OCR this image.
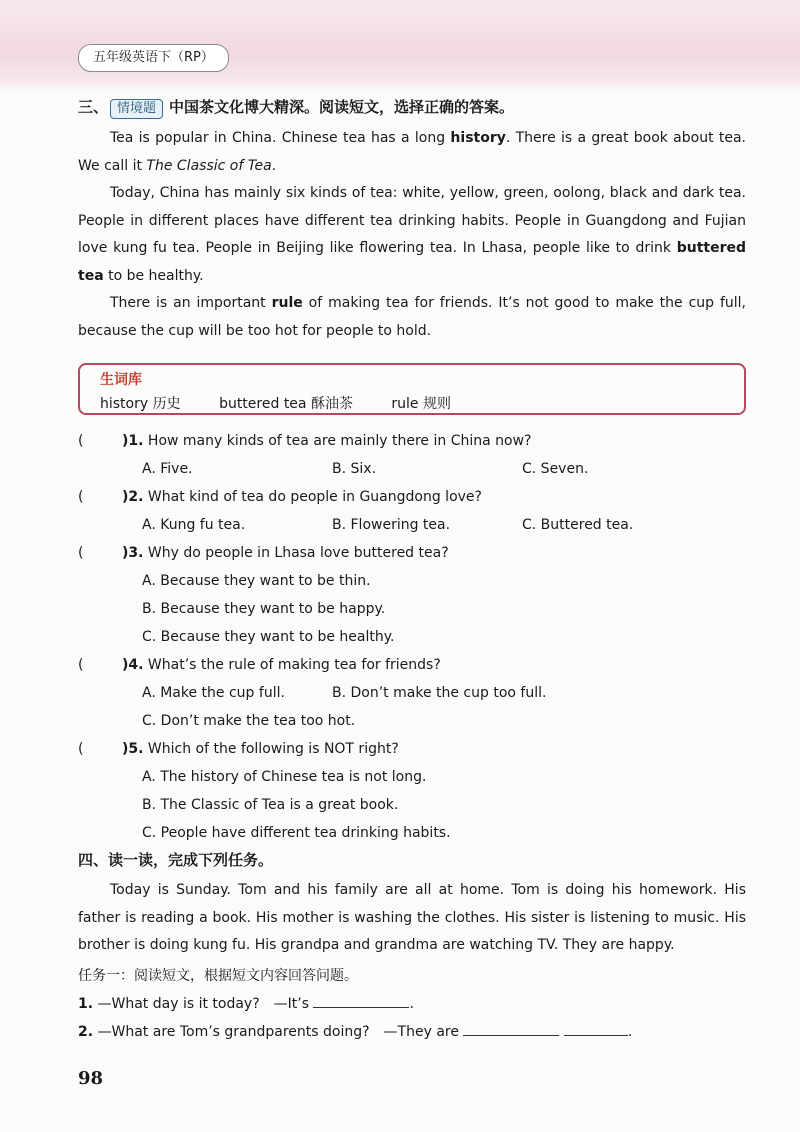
五年级英语下（RP）
三、 情境题 中国茶文化博大精深。阅读短文，选择正确的答案。

Tea is popular in China. Chinese tea has a long history. There is a great book about tea. We call it The Classic of Tea.

Today, China has mainly six kinds of tea: white, yellow, green, oolong, black and dark tea. People in different places have different tea drinking habits. People in Guangdong and Fujian love kung fu tea. People in Beijing like flowering tea. In Lhasa, people like to drink buttered tea to be healthy.

There is an important rule of making tea for friends. It’s not good to make the cup full, because the cup will be too hot for people to hold.

生词库
history 历史	buttered tea 酥油茶	rule 规则
(	)1. How many kinds of tea are mainly there in China now?
A. Five.	B. Six.	C. Seven.
(	)2. What kind of tea do people in Guangdong love?
A. Kung fu tea.	B. Flowering tea.	C. Buttered tea.
(	)3. Why do people in Lhasa love buttered tea?
A. Because they want to be thin.
B. Because they want to be happy.
C. Because they want to be healthy.
(	)4. What’s the rule of making tea for friends?
A. Make the cup full.	B. Don’t make the cup too full.
C. Don’t make the tea too hot.
(	)5. Which of the following is NOT right?
A. The history of Chinese tea is not long.
B. The Classic of Tea is a great book.
C. People have different tea drinking habits.
四、读一读，完成下列任务。

Today is Sunday. Tom and his family are all at home. Tom is doing his homework. His father is reading a book. His mother is washing the clothes. His sister is listening to music. His brother is doing kung fu. His grandpa and grandma are watching TV. They are happy.

任务一：阅读短文，根据短文内容回答问题。
1. —What day is it today?　—It’s	.
2. —What are Tom’s grandparents doing?　—They are	.
98
